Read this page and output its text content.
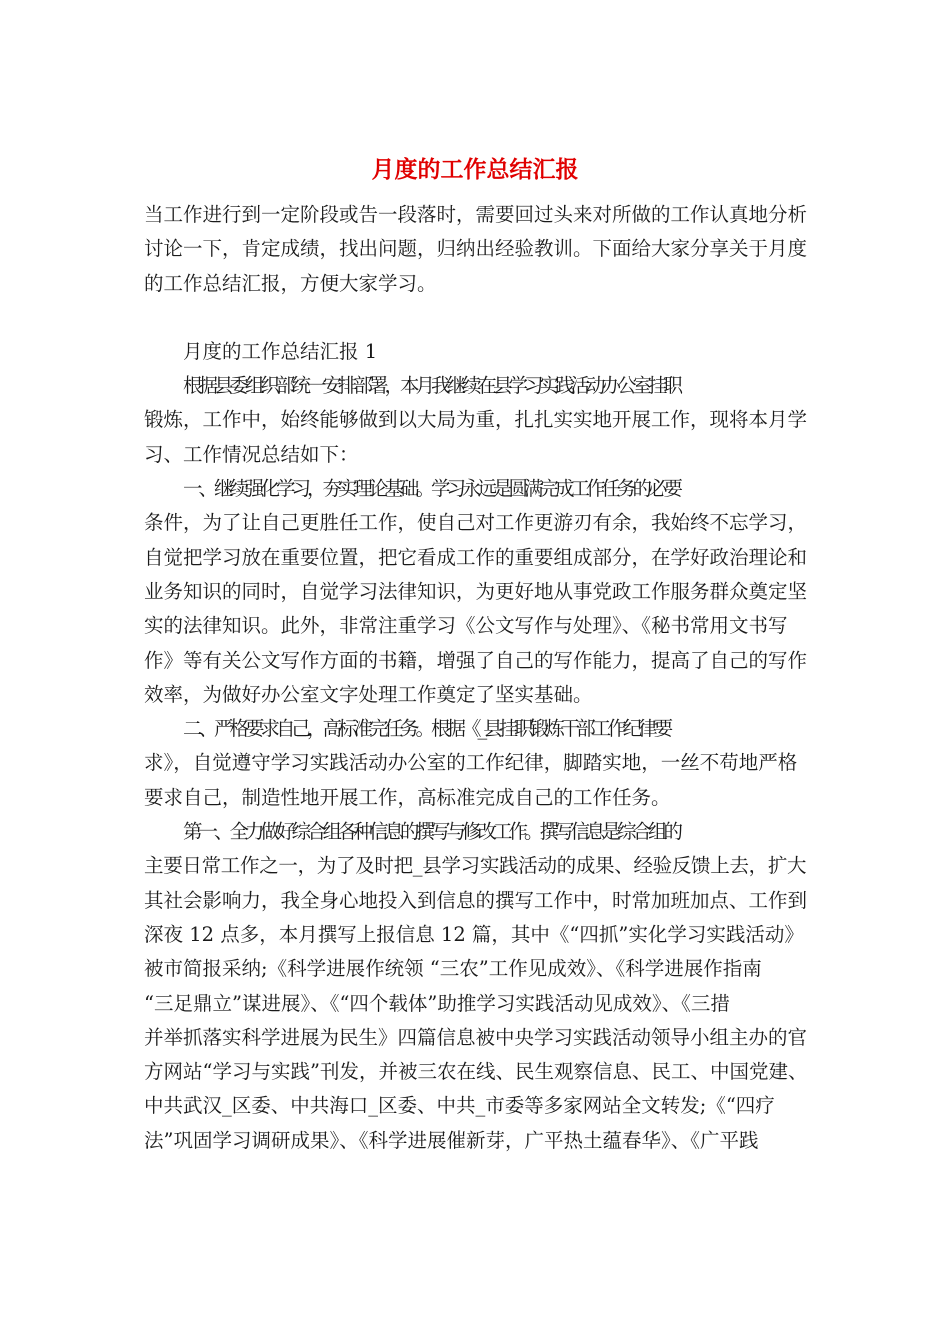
月度的工作总结汇报

当工作进行到一定阶段或告一段落时，需要回过头来对所做的工作认真地分析
讨论一下，肯定成绩，找出问题，归纳出经验教训。下面给大家分享关于月度
的工作总结汇报，方便大家学习。

月度的工作总结汇报 1

根据县委组织部统一安排部署，本月我继续在县学习实践活动办公室挂职
锻炼，工作中，始终能够做到以大局为重，扎扎实实地开展工作，现将本月学
习、工作情况总结如下：

一、继续强化学习，夯实理论基础。学习永远是圆满完成工作任务的必要
条件，为了让自己更胜任工作，使自己对工作更游刃有余，我始终不忘学习，
自觉把学习放在重要位置，把它看成工作的重要组成部分，在学好政治理论和
业务知识的同时，自觉学习法律知识，为更好地从事党政工作服务群众奠定坚
实的法律知识。此外，非常注重学习《公文写作与处理》、《秘书常用文书写
作》等有关公文写作方面的书籍，增强了自己的写作能力，提高了自己的写作
效率，为做好办公室文字处理工作奠定了坚实基础。

二、严格要求自己，高标准完任务。根据《_县挂职锻炼干部工作纪律要
求》，自觉遵守学习实践活动办公室的工作纪律，脚踏实地，一丝不苟地严格
要求自己，制造性地开展工作，高标准完成自己的工作任务。

第一、全力做好综合组各种信息的撰写与修改工作。撰写信息是综合组的
主要日常工作之一，为了及时把_县学习实践活动的成果、经验反馈上去，扩大
其社会影响力，我全身心地投入到信息的撰写工作中，时常加班加点、工作到
深夜 12 点多，本月撰写上报信息 12 篇，其中《“四抓”实化学习实践活动》
被市简报采纳;《科学进展作统领 “三农”工作见成效》、《科学进展作指南
“三足鼎立”谋进展》、《“四个载体”助推学习实践活动见成效》、《三措
并举抓落实科学进展为民生》四篇信息被中央学习实践活动领导小组主办的官
方网站“学习与实践”刊发，并被三农在线、民生观察信息、民工、中国党建、
中共武汉_区委、中共海口_区委、中共_市委等多家网站全文转发;《“四疗
法”巩固学习调研成果》、《科学进展催新芽，广平热土蕴春华》、《广平践
